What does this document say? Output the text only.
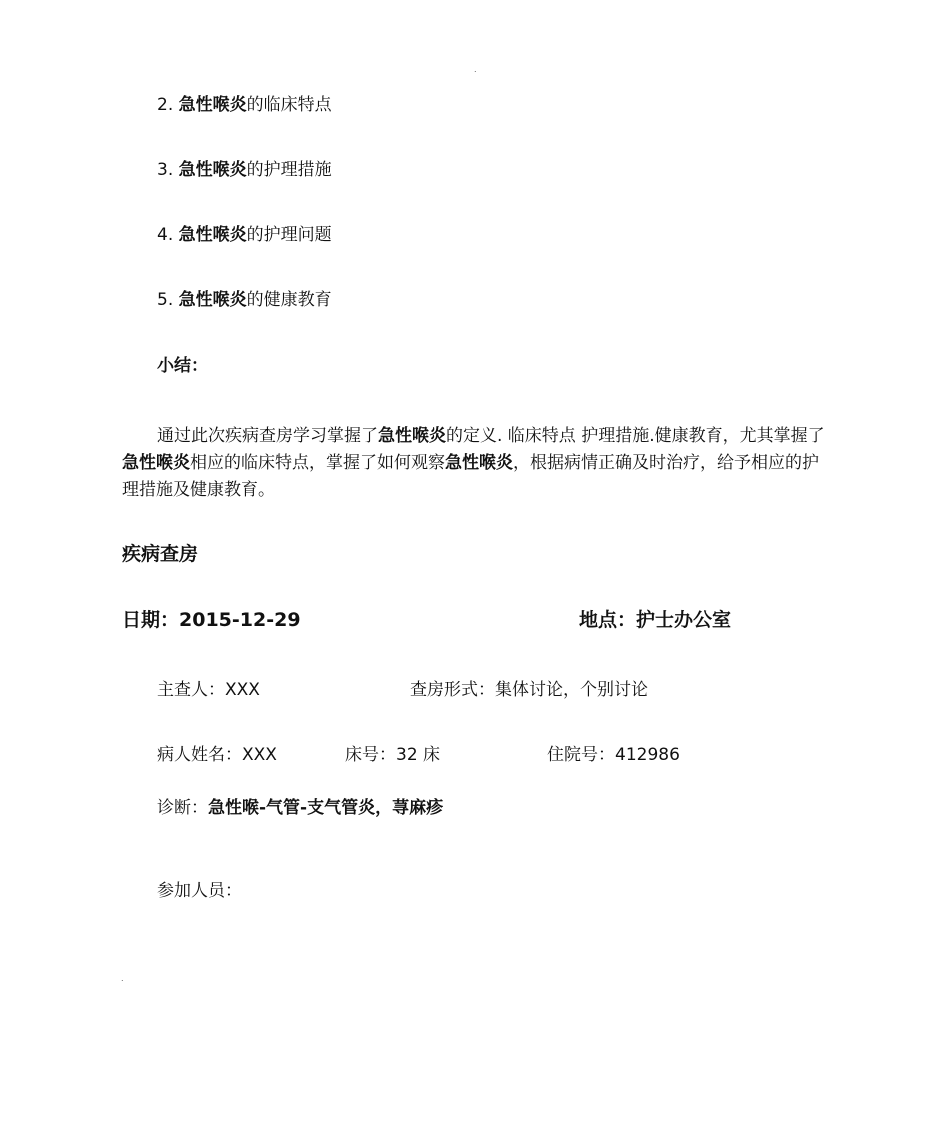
.
2. 急性喉炎的临床特点
3. 急性喉炎的护理措施
4. 急性喉炎的护理问题
5. 急性喉炎的健康教育
小结：
通过此次疾病查房学习掌握了急性喉炎的定义. 临床特点 护理措施.健康教育，尤其掌握了急性喉炎相应的临床特点，掌握了如何观察急性喉炎，根据病情正确及时治疗，给予相应的护理措施及健康教育。
疾病查房
日期：2015-12-29	地点：护士办公室
主查人：XXX	查房形式：集体讨论，个别讨论
病人姓名：XXX	床号：32 床	住院号：412986
诊断：急性喉-气管-支气管炎，荨麻疹
参加人员：
.
